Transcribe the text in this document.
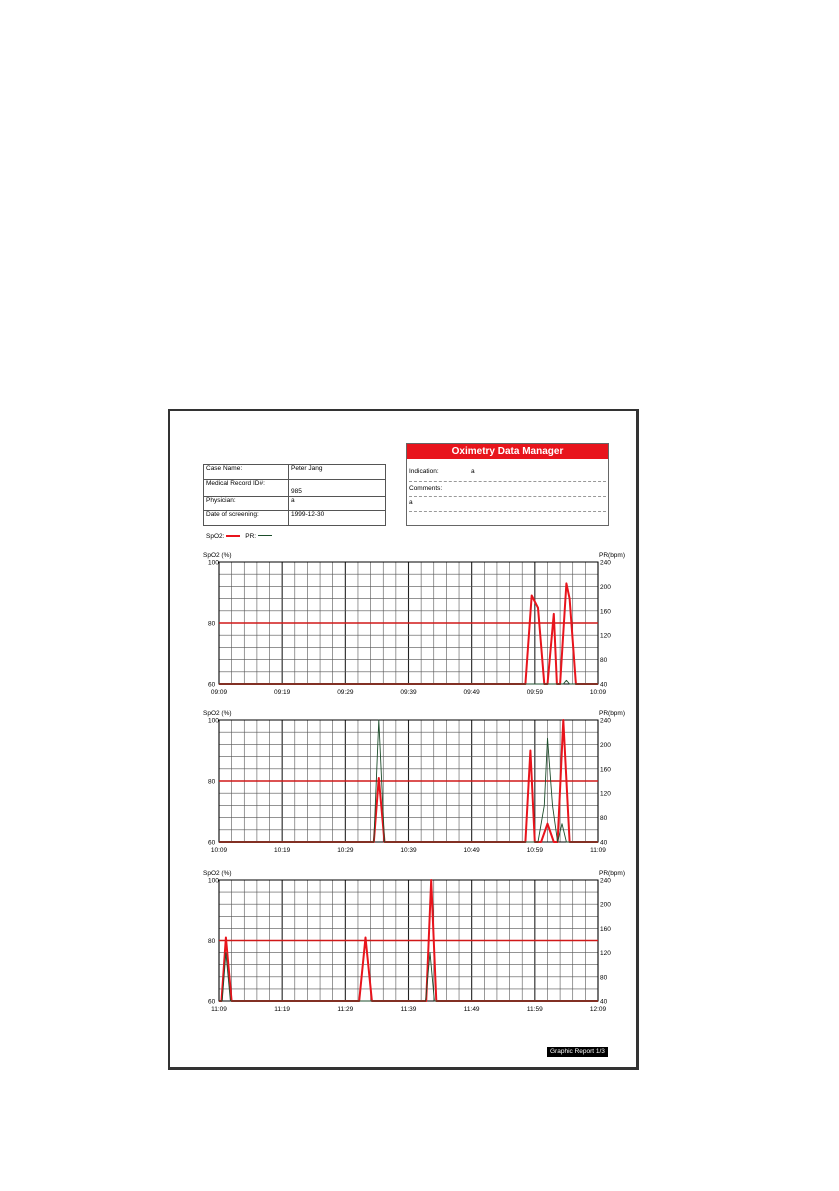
Oximetry Data Manager
Indication:	a
Comments:
a
Case Name:	Peter Jang
Medical Record ID#:	985
Physician:	a
Date of screening:	1999-12-30
SpO2:	PR:
SpO2 (%)	PR(bpm)
100
80
60
240
200
160
120
80
40
09:09	09:19	09:29	09:39	09:49	09:59	10:09
SpO2 (%)	PR(bpm)
100
80
60
240
200
160
120
80
40
10:09	10:19	10:29	10:39	10:49	10:59	11:09
SpO2 (%)	PR(bpm)
100
80
60
240
200
160
120
80
40
11:09	11:19	11:29	11:39	11:49	11:59	12:09
Graphic Report 1/3
